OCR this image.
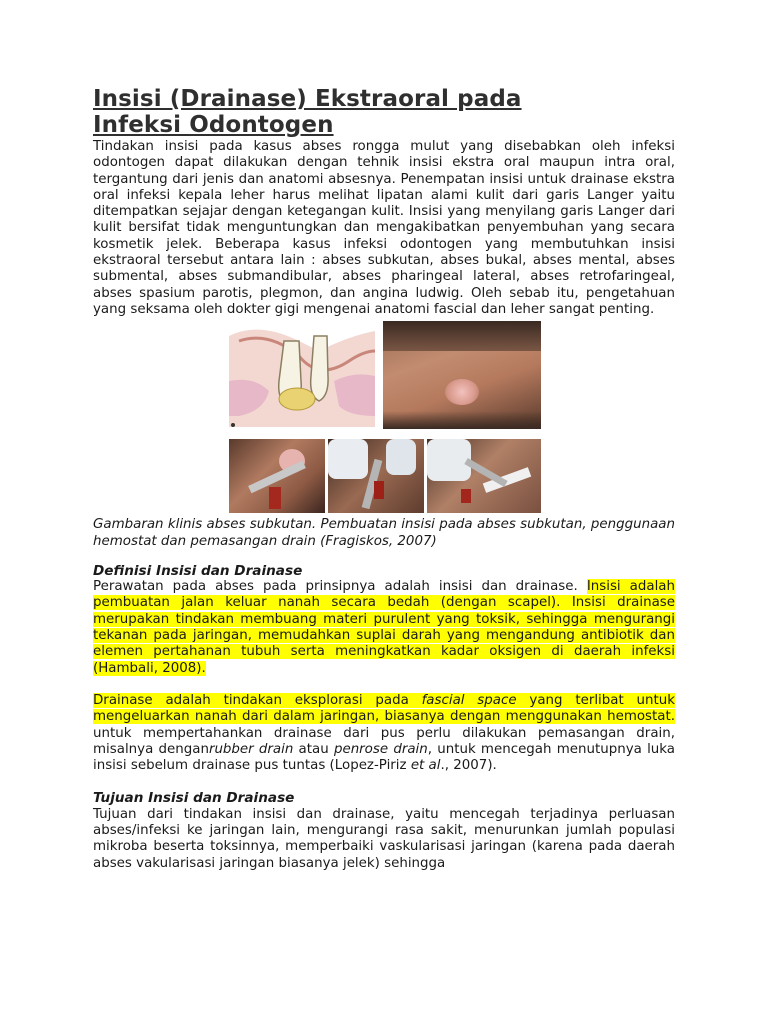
Insisi (Drainase) Ekstraoral pada
Infeksi Odontogen

Tindakan insisi pada kasus abses rongga mulut yang disebabkan oleh infeksi odontogen dapat dilakukan dengan tehnik insisi ekstra oral maupun intra oral, tergantung dari jenis dan anatomi absesnya. Penempatan insisi untuk drainase ekstra oral infeksi kepala leher harus melihat lipatan alami kulit dari garis Langer yaitu ditempatkan sejajar dengan ketegangan kulit. Insisi yang menyilang garis Langer dari kulit bersifat tidak menguntungkan dan mengakibatkan penyembuhan yang secara kosmetik jelek. Beberapa kasus infeksi odontogen yang membutuhkan insisi ekstraoral tersebut antara lain : abses subkutan, abses bukal, abses mental, abses submental, abses submandibular, abses pharingeal lateral, abses retrofaringeal, abses spasium parotis, plegmon, dan angina ludwig. Oleh sebab itu, pengetahuan yang seksama oleh dokter gigi mengenai anatomi fascial dan leher sangat penting.

Gambaran klinis abses subkutan. Pembuatan insisi pada abses subkutan, penggunaan hemostat dan pemasangan drain (Fragiskos, 2007)

Definisi Insisi dan Drainase

Perawatan pada abses pada prinsipnya adalah insisi dan drainase. Insisi adalah pembuatan jalan keluar nanah secara bedah (dengan scapel). Insisi drainase merupakan tindakan membuang materi purulent yang toksik, sehingga mengurangi tekanan pada jaringan, memudahkan suplai darah yang mengandung antibiotik dan elemen pertahanan tubuh serta meningkatkan kadar oksigen di daerah infeksi (Hambali, 2008).

Drainase adalah tindakan eksplorasi pada fascial space yang terlibat untuk mengeluarkan nanah dari dalam jaringan, biasanya dengan menggunakan hemostat. untuk mempertahankan drainase dari pus perlu dilakukan pemasangan drain, misalnya denganrubber drain atau penrose drain, untuk mencegah menutupnya luka insisi sebelum drainase pus tuntas (Lopez-Piriz et al., 2007).

Tujuan Insisi dan Drainase

Tujuan dari tindakan insisi dan drainase, yaitu mencegah terjadinya perluasan abses/infeksi ke jaringan lain, mengurangi rasa sakit, menurunkan jumlah populasi mikroba beserta toksinnya, memperbaiki vaskularisasi jaringan (karena pada daerah abses vakularisasi jaringan biasanya jelek) sehingga
